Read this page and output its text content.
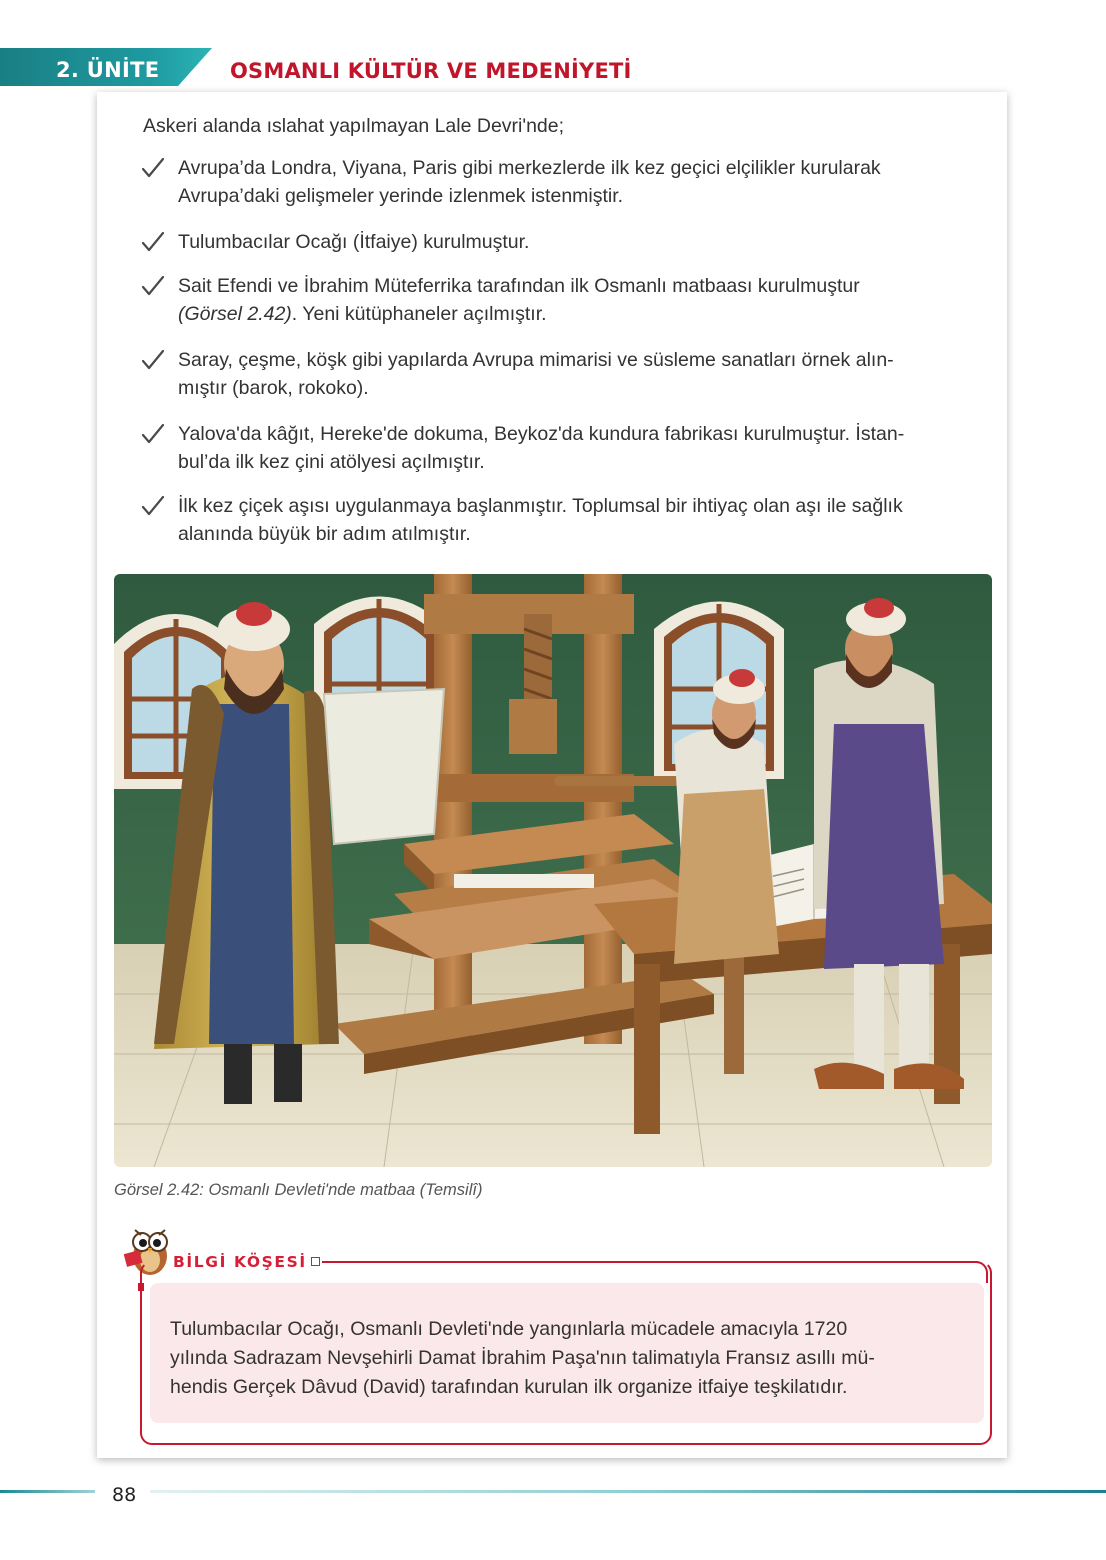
2. ÜNİTE	OSMANLI KÜLTÜR VE MEDENİYETİ
Askeri alanda ıslahat yapılmayan Lale Devri'nde;
Avrupa’da Londra, Viyana, Paris gibi merkezlerde ilk kez geçici elçilikler kurularak
Avrupa’daki gelişmeler yerinde izlenmek istenmiştir.
Tulumbacılar Ocağı (İtfaiye) kurulmuştur.
Sait Efendi ve İbrahim Müteferrika tarafından ilk Osmanlı matbaası kurulmuştur
(Görsel 2.42). Yeni kütüphaneler açılmıştır.
Saray, çeşme, köşk gibi yapılarda Avrupa mimarisi ve süsleme sanatları örnek alın-
mıştır (barok, rokoko).
Yalova'da kâğıt, Hereke'de dokuma, Beykoz'da kundura fabrikası kurulmuştur. İstan-
bul’da ilk kez çini atölyesi açılmıştır.
İlk kez çiçek aşısı uygulanmaya başlanmıştır. Toplumsal bir ihtiyaç olan aşı ile sağlık
alanında büyük bir adım atılmıştır.
Görsel 2.42: Osmanlı Devleti'nde matbaa (Temsilî)
BİLGİ KÖŞESİ
Tulumbacılar Ocağı, Osmanlı Devleti'nde yangınlarla mücadele amacıyla 1720
yılında Sadrazam Nevşehirli Damat İbrahim Paşa'nın talimatıyla Fransız asıllı mü-
hendis Gerçek Dâvud (David) tarafından kurulan ilk organize itfaiye teşkilatıdır.
88
